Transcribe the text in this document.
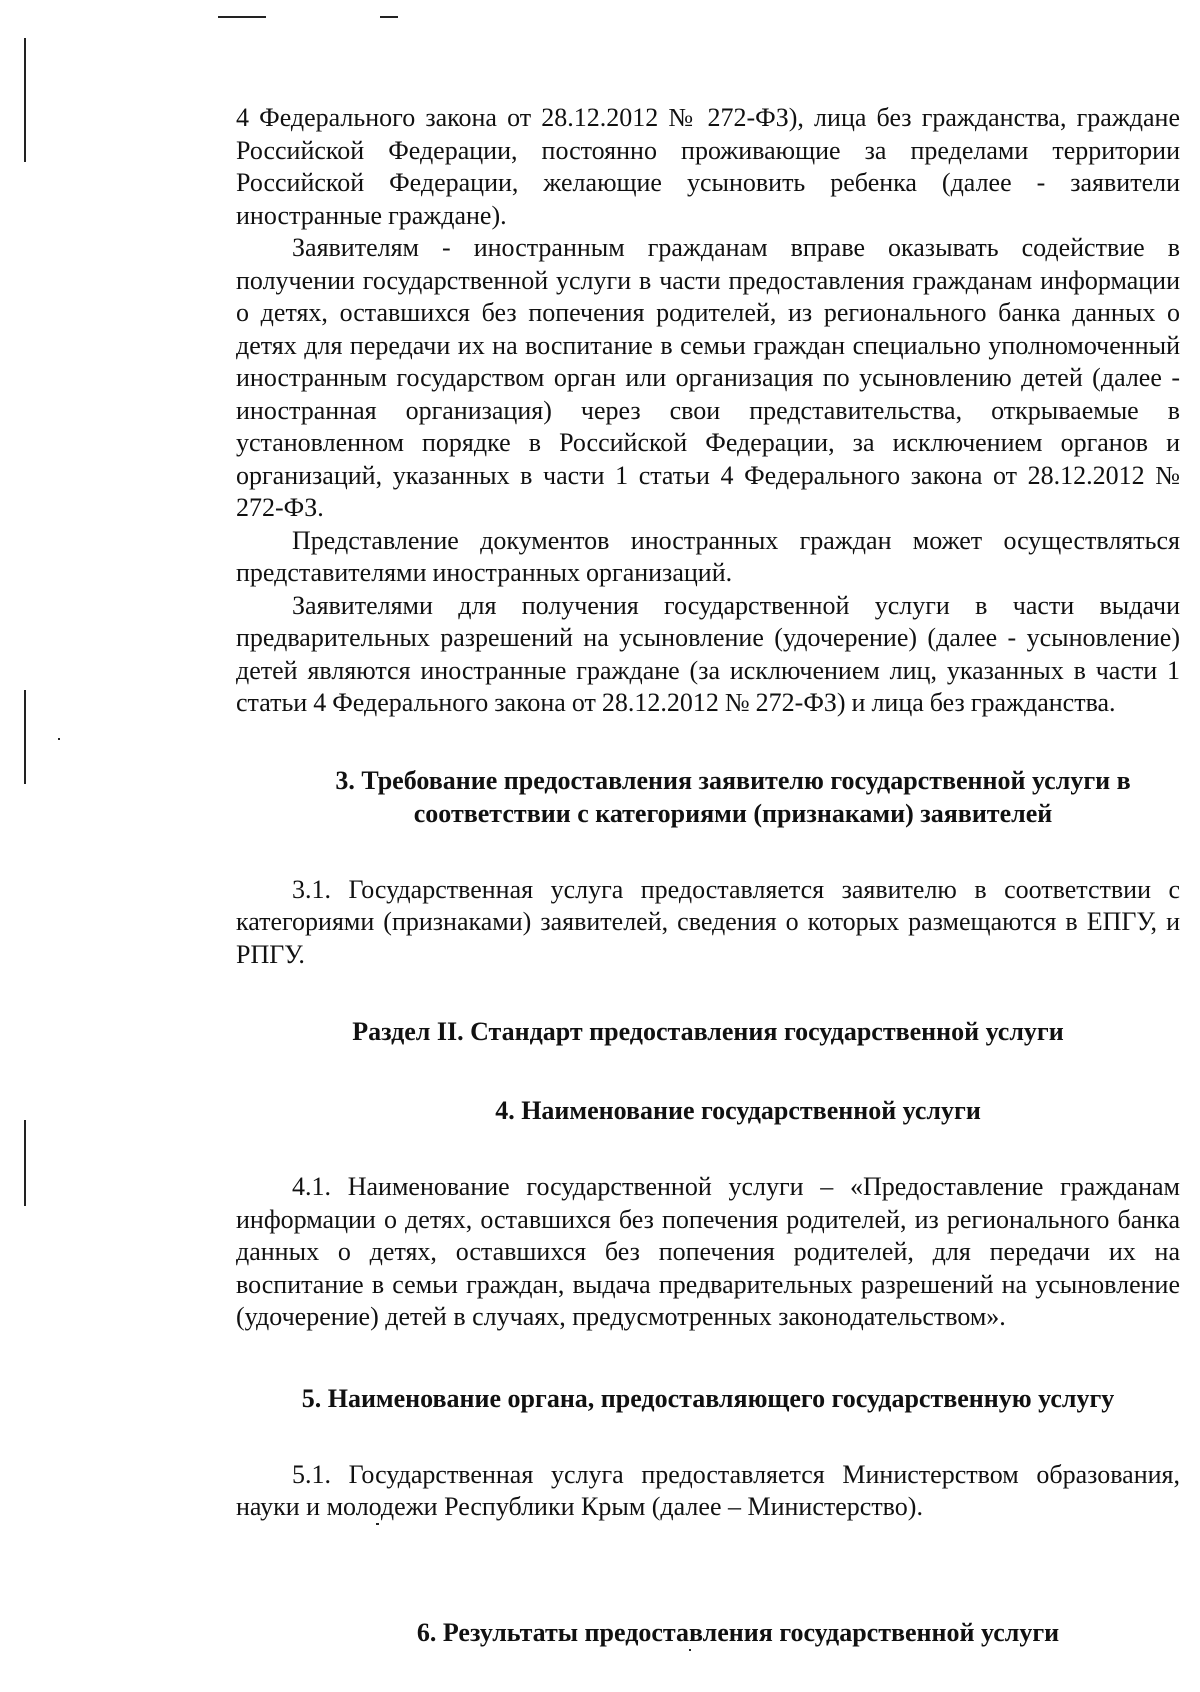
4 Федерального закона от 28.12.2012 № 272-ФЗ), лица без гражданства, граждане Российской Федерации, постоянно проживающие за пределами территории Российской Федерации, желающие усыновить ребенка (далее - заявители иностранные граждане).

Заявителям - иностранным гражданам вправе оказывать содействие в получении государственной услуги в части предоставления гражданам информации о детях, оставшихся без попечения родителей, из регионального банка данных о детях для передачи их на воспитание в семьи граждан специально уполномоченный иностранным государством орган или организация по усыновлению детей (далее - иностранная организация) через свои представительства, открываемые в установленном порядке в Российской Федерации, за исключением органов и организаций, указанных в части 1 статьи 4 Федерального закона от 28.12.2012 № 272-ФЗ.

Представление документов иностранных граждан может осуществляться представителями иностранных организаций.

Заявителями для получения государственной услуги в части выдачи предварительных разрешений на усыновление (удочерение) (далее - усыновление) детей являются иностранные граждане (за исключением лиц, указанных в части 1 статьи 4 Федерального закона от 28.12.2012 № 272-ФЗ) и лица без гражданства.

3. Требование предоставления заявителю государственной услуги в соответствии с категориями (признаками) заявителей

3.1. Государственная услуга предоставляется заявителю в соответствии с категориями (признаками) заявителей, сведения о которых размещаются в ЕПГУ, и РПГУ.

Раздел II. Стандарт предоставления государственной услуги
4. Наименование государственной услуги

4.1. Наименование государственной услуги – «Предоставление гражданам информации о детях, оставшихся без попечения родителей, из регионального банка данных о детях, оставшихся без попечения родителей, для передачи их на воспитание в семьи граждан, выдача предварительных разрешений на усыновление (удочерение) детей в случаях, предусмотренных законодательством».

5. Наименование органа, предоставляющего государственную услугу

5.1. Государственная услуга предоставляется Министерством образования, науки и молодежи Республики Крым (далее – Министерство).

6. Результаты предоставления государственной услуги
